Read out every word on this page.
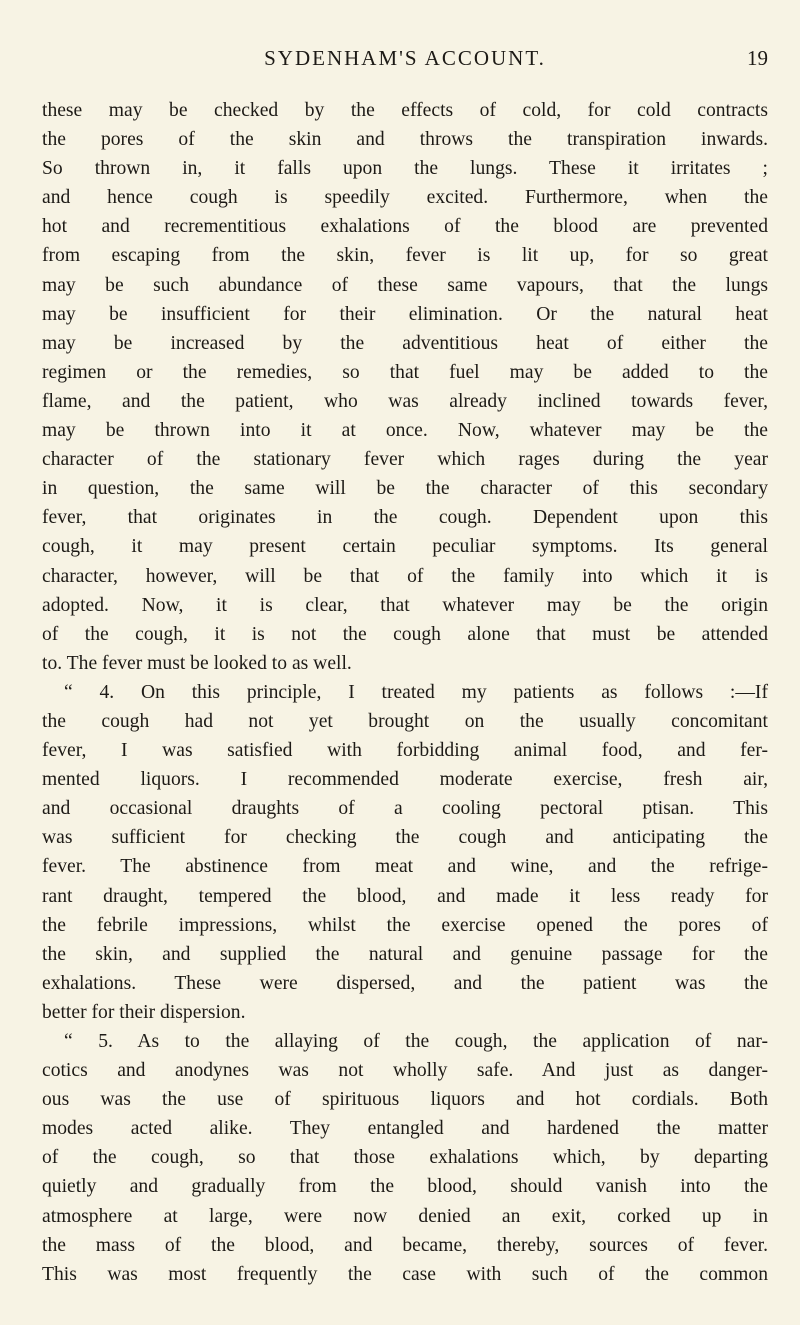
SYDENHAM'S ACCOUNT.	19
these may be checked by the effects of cold, for cold contracts
the pores of the skin and throws the transpiration inwards.
So thrown in, it falls upon the lungs. These it irritates ;
and hence cough is speedily excited. Furthermore, when the
hot and recrementitious exhalations of the blood are prevented
from escaping from the skin, fever is lit up, for so great
may be such abundance of these same vapours, that the lungs
may be insufficient for their elimination. Or the natural heat
may be increased by the adventitious heat of either the
regimen or the remedies, so that fuel may be added to the
flame, and the patient, who was already inclined towards fever,
may be thrown into it at once. Now, whatever may be the
character of the stationary fever which rages during the year
in question, the same will be the character of this secondary
fever, that originates in the cough. Dependent upon this
cough, it may present certain peculiar symptoms. Its general
character, however, will be that of the family into which it is
adopted. Now, it is clear, that whatever may be the origin
of the cough, it is not the cough alone that must be attended
to. The fever must be looked to as well.
“ 4. On this principle, I treated my patients as follows :—If
the cough had not yet brought on the usually concomitant
fever, I was satisfied with forbidding animal food, and fer-
mented liquors. I recommended moderate exercise, fresh air,
and occasional draughts of a cooling pectoral ptisan. This
was sufficient for checking the cough and anticipating the
fever. The abstinence from meat and wine, and the refrige-
rant draught, tempered the blood, and made it less ready for
the febrile impressions, whilst the exercise opened the pores of
the skin, and supplied the natural and genuine passage for the
exhalations. These were dispersed, and the patient was the
better for their dispersion.
“ 5. As to the allaying of the cough, the application of nar-
cotics and anodynes was not wholly safe. And just as danger-
ous was the use of spirituous liquors and hot cordials. Both
modes acted alike. They entangled and hardened the matter
of the cough, so that those exhalations which, by departing
quietly and gradually from the blood, should vanish into the
atmosphere at large, were now denied an exit, corked up in
the mass of the blood, and became, thereby, sources of fever.
This was most frequently the case with such of the common
